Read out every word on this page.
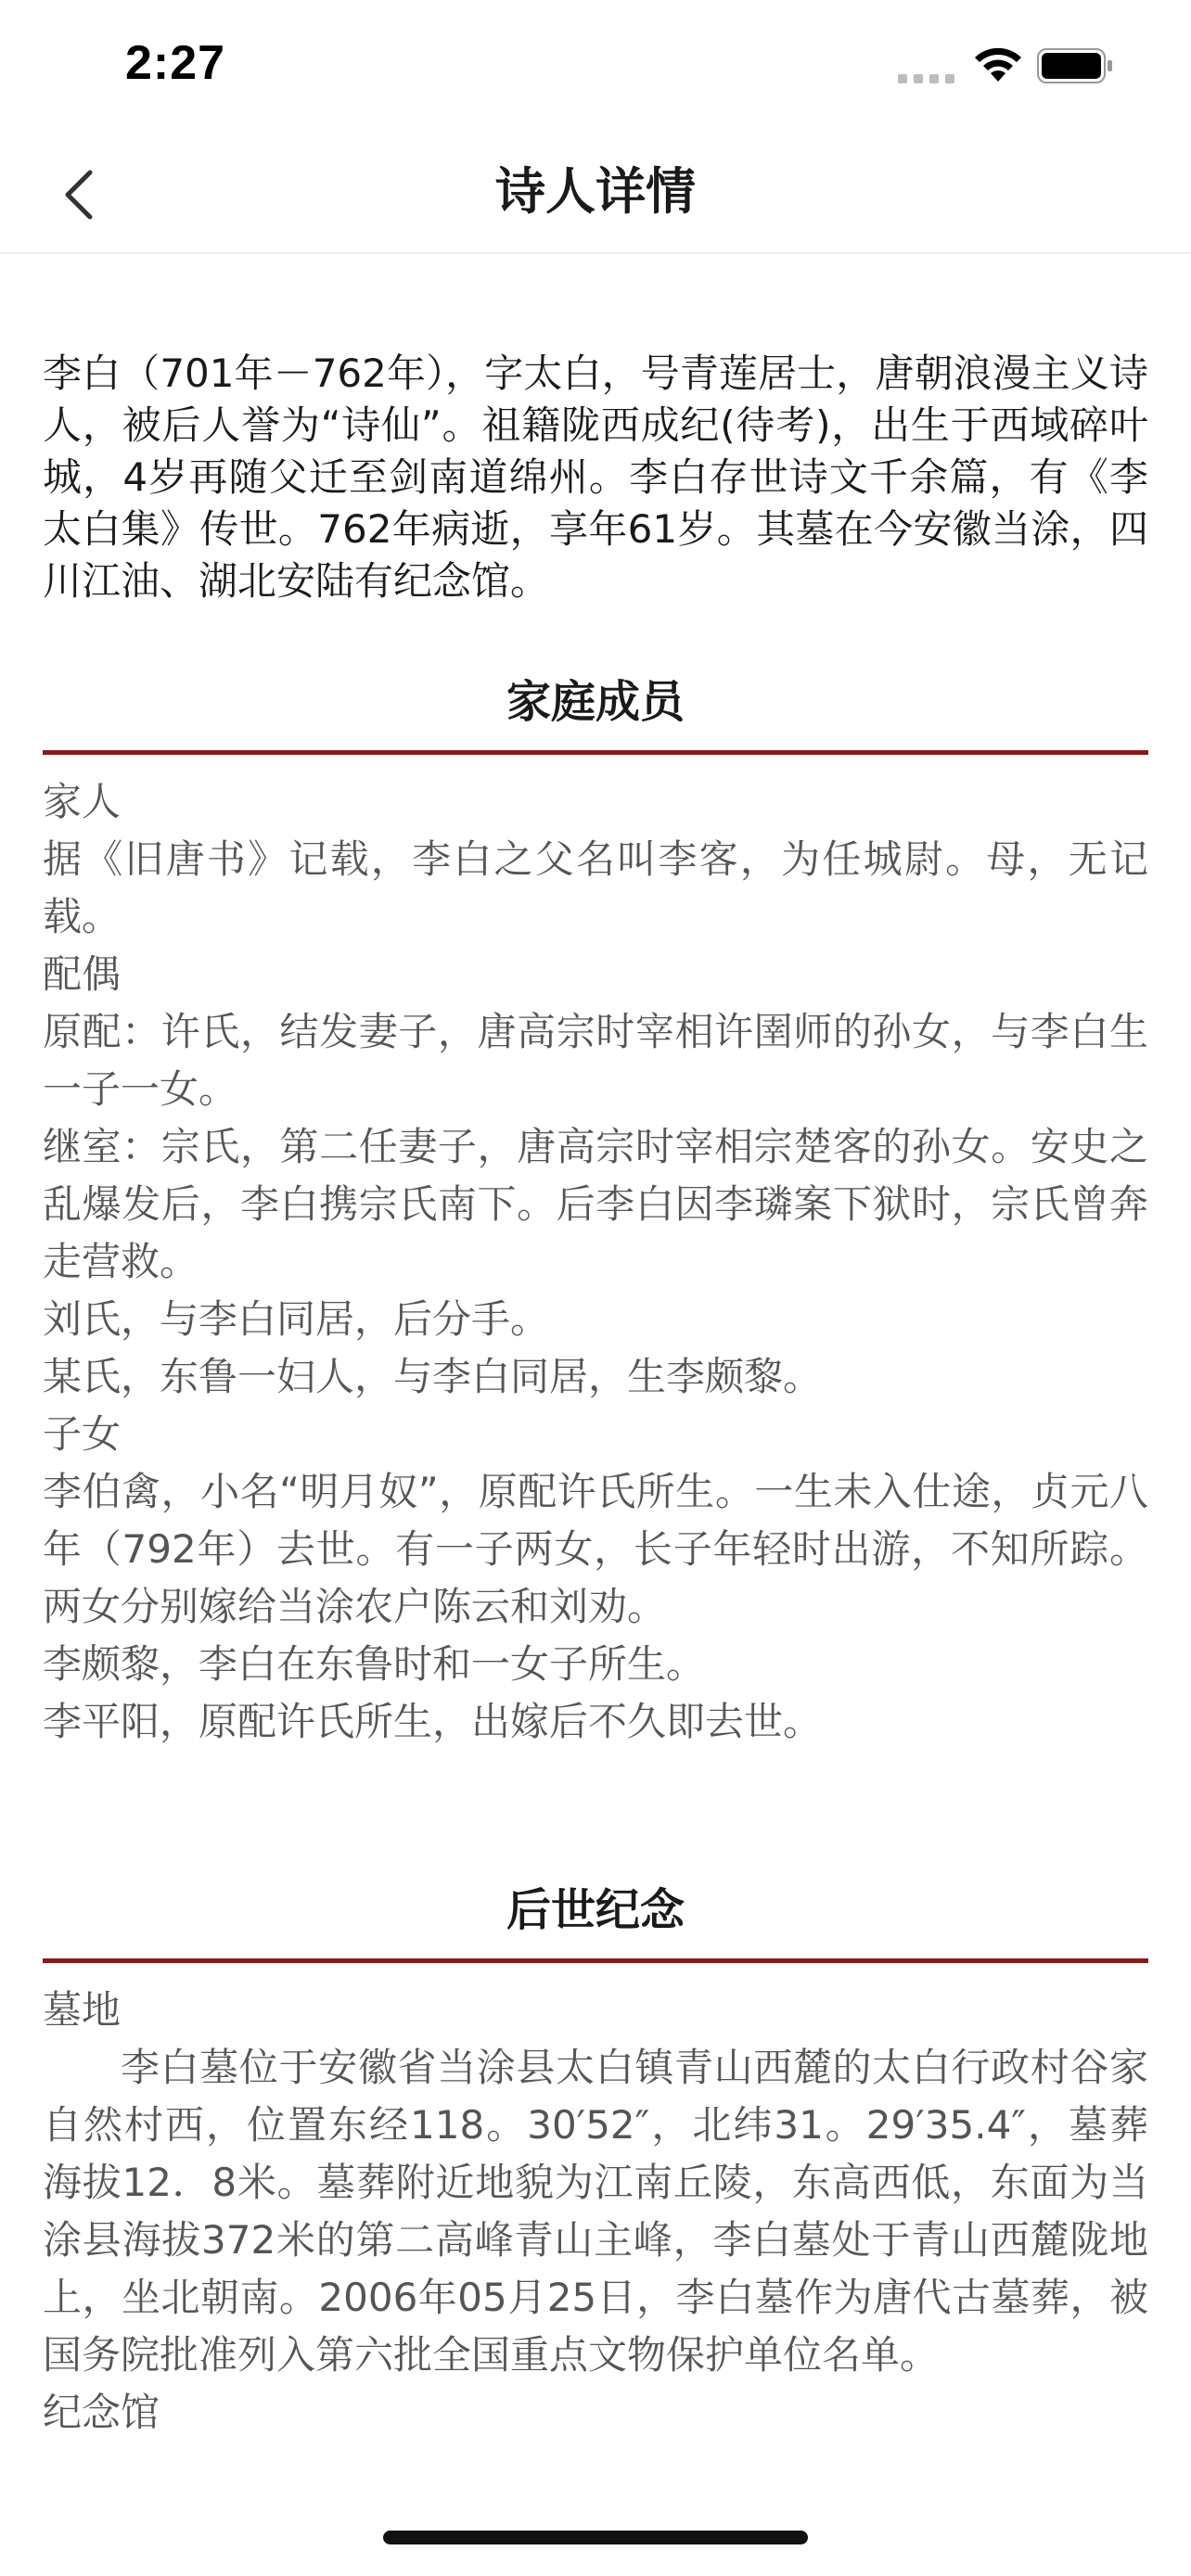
2:27
诗人详情

李白（701年－762年），字太白，号青莲居士，唐朝浪漫主义诗人，被后人誉为“诗仙”。祖籍陇西成纪(待考)，出生于西域碎叶城，4岁再随父迁至剑南道绵州。李白存世诗文千余篇，有《李太白集》传世。762年病逝，享年61岁。其墓在今安徽当涂，四川江油、湖北安陆有纪念馆。

家庭成员

家人

据《旧唐书》记载，李白之父名叫李客，为任城尉。母，无记载。

配偶

原配：许氏，结发妻子，唐高宗时宰相许圉师的孙女，与李白生一子一女。

继室：宗氏，第二任妻子，唐高宗时宰相宗楚客的孙女。安史之乱爆发后，李白携宗氏南下。后李白因李璘案下狱时，宗氏曾奔走营救。

刘氏，与李白同居，后分手。

某氏，东鲁一妇人，与李白同居，生李颇黎。

子女

李伯禽，小名“明月奴”，原配许氏所生。一生未入仕途，贞元八年（792年）去世。有一子两女，长子年轻时出游，不知所踪。两女分别嫁给当涂农户陈云和刘劝。

李颇黎，李白在东鲁时和一女子所生。

李平阳，原配许氏所生，出嫁后不久即去世。

后世纪念

墓地

李白墓位于安徽省当涂县太白镇青山西麓的太白行政村谷家自然村西，位置东经118。30′52″，北纬31。29′35.4″，墓葬海拔12．8米。墓葬附近地貌为江南丘陵，东高西低，东面为当涂县海拔372米的第二高峰青山主峰，李白墓处于青山西麓陇地上，坐北朝南。2006年05月25日，李白墓作为唐代古墓葬，被国务院批准列入第六批全国重点文物保护单位名单。

纪念馆
